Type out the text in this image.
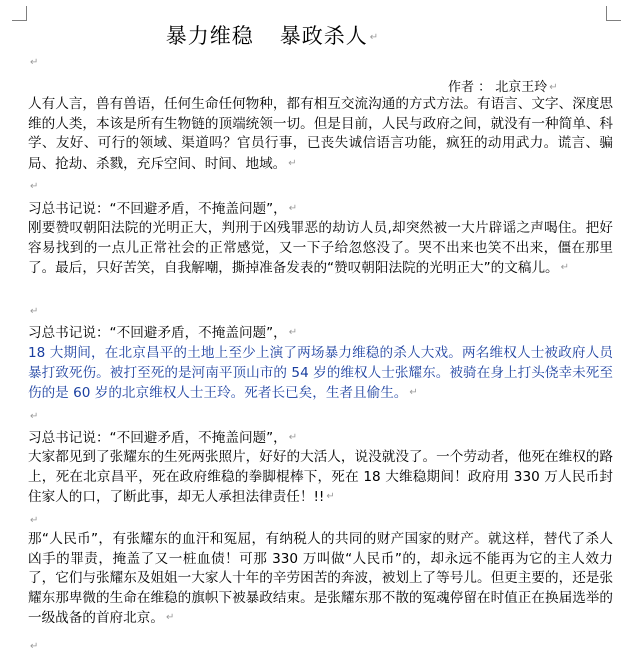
暴力维稳 暴政杀人 ↵
↵
作者 ： 北京王玲 ↵

人有人言，兽有兽语，任何生命任何物种，都有相互交流沟通的方式方法。有语言、文字、深度思维的人类，本该是所有生物链的顶端统领一切。但是目前，人民与政府之间，就没有一种简单、科学、友好、可行的领域、渠道吗？官员行事，已丧失诚信语言功能，疯狂的动用武力。谎言、骗局、抢劫、杀戮，充斥空间、时间、地域。 ↵

↵

习总书记说：“不回避矛盾，不掩盖问题”， ↵

刚要赞叹朝阳法院的光明正大，判刑于凶残罪恶的劫访人员,却突然被一大片辟谣之声喝住。把好容易找到的一点儿正常社会的正常感觉，又一下子给忽悠没了。哭不出来也笑不出来，僵在那里了。最后，只好苦笑，自我解嘲，撕掉准备发表的“赞叹朝阳法院的光明正大”的文稿儿。 ↵

↵

习总书记说：“不回避矛盾，不掩盖问题”， ↵

18 大期间，在北京昌平的土地上至少上演了两场暴力维稳的杀人大戏。两名维权人士被政府人员暴打致死伤。被打至死的是河南平顶山市的 54 岁的维权人士张耀东。被骑在身上打头侥幸未死至伤的是 60 岁的北京维权人士王玲。死者长已矣，生者且偷生。 ↵

↵

习总书记说：“不回避矛盾，不掩盖问题”， ↵

大家都见到了张耀东的生死两张照片，好好的大活人，说没就没了。一个劳动者，他死在维权的路上，死在北京昌平，死在政府维稳的拳脚棍棒下，死在 18 大维稳期间！政府用 330 万人民币封住家人的口，了断此事，却无人承担法律责任！!! ↵

↵

那“人民币”，有张耀东的血汗和冤屈，有纳税人的共同的财产国家的财产。就这样，替代了杀人凶手的罪责，掩盖了又一桩血债！可那 330 万叫做“人民币”的，却永远不能再为它的主人效力了，它们与张耀东及姐姐一大家人十年的辛劳困苦的奔波，被划上了等号儿。但更主要的，还是张耀东那卑微的生命在维稳的旗帜下被暴政结束。是张耀东那不散的冤魂停留在时值正在换届选举的一级战备的首府北京。 ↵

↵
